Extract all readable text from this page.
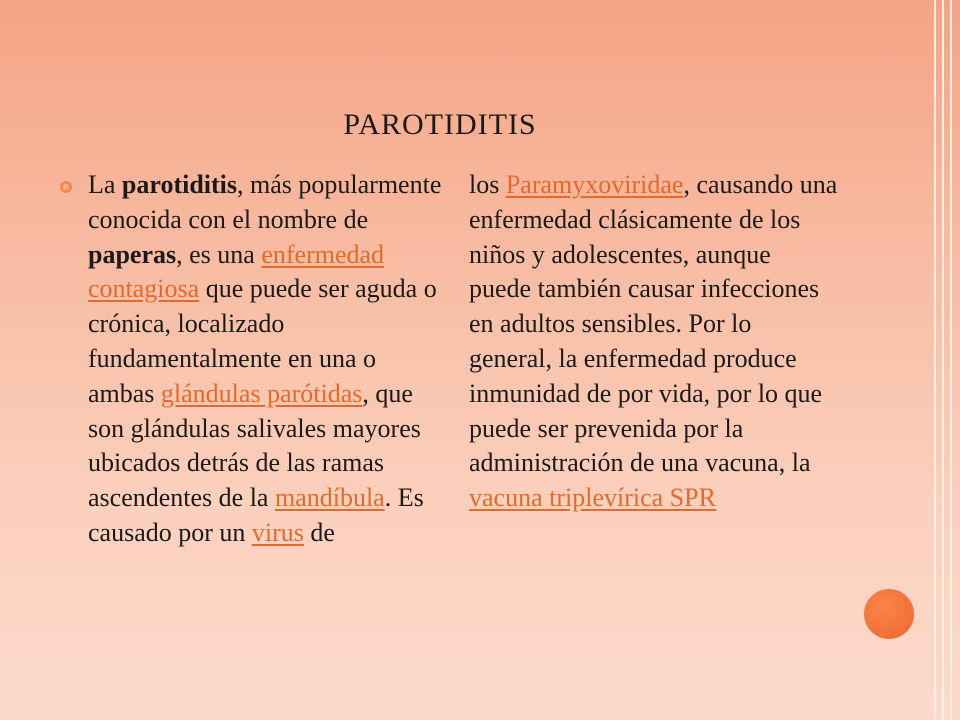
PAROTIDITIS
La parotiditis, más popularmente conocida con el nombre de paperas, es una enfermedad contagiosa que puede ser aguda o crónica, localizado fundamentalmente en una o ambas glándulas parótidas, que son glándulas salivales mayores ubicados detrás de las ramas ascendentes de la mandíbula. Es causado por un virus de
los Paramyxoviridae, causando una enfermedad clásicamente de los niños y adolescentes, aunque puede también causar infecciones en adultos sensibles. Por lo general, la enfermedad produce inmunidad de por vida, por lo que puede ser prevenida por la administración de una vacuna, la vacuna triplevírica SPR
